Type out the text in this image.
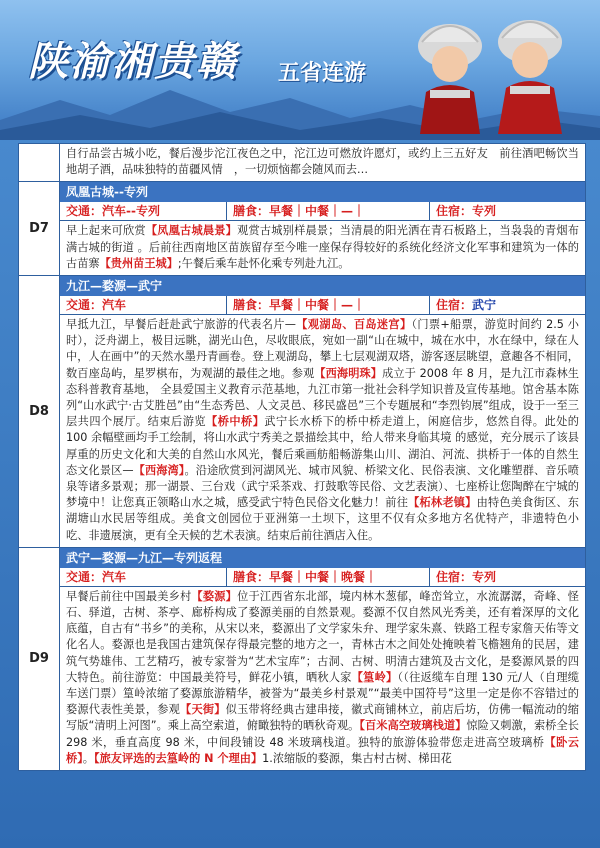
陕渝湘贵赣 五省连游
自行品尝古城小吃，餐后漫步沱江夜色之中，沱江边可燃放许愿灯，或约上三五好友　前往酒吧畅饮当地胡子酒，品味独特的苗疆风情　，一切烦恼都会随风而去…
D7
凤凰古城--专列
交通：汽车--专列	膳食：早餐｜中餐｜—｜	住宿：专列
早上起来可欣赏【凤凰古城晨景】观赏古城别样晨景；当清晨的阳光洒在青石板路上，当袅袅的青烟布满古城的街道 。后前往西南地区苗族留存至今唯一座保存得较好的系统化经济文化军事和建筑为一体的古苗寨【贵州苗王城】;午餐后乘车赴怀化乘专列赴九江。
D8
九江—婺源—武宁
交通：汽车	膳食：早餐｜中餐｜—｜	住宿：武宁
早抵九江，早餐后赶赴武宁旅游的代表名片—【观湖岛、百岛迷宫】（门票+船票，游览时间约 2.5 小时），泛舟湖上，极目远眺，湖光山色，尽收眼底，宛如一副“山在城中，城在水中，水在绿中，绿在人中，人在画中”的天然水墨丹青画卷。登上观湖岛，攀上七层观湖双塔，游客逐层眺望，意趣各不相同，数百座岛屿，星罗棋布，为观湖的最佳之地。参观【西海明珠】成立于 2008 年 8 月，是九江市森林生态科普教育基地， 全县爱国主义教育示范基地，九江市第一批社会科学知识普及宣传基地。馆舍基本陈列“山水武宁·古艾胜邑”由“生态秀邑、人文灵邑、移民盛邑”三个专题展和“李烈钧展”组成，设于一至三层共四个展厅。结束后游览【桥中桥】武宁长水桥下的桥中桥走道上，闲庭信步，悠然自得。此处的 100 余幅壁画均手工绘制，将山水武宁秀美之景描绘其中，给人带来身临其境 的感觉，充分展示了该县厚重的历史文化和大美的自然山水风光，餐后乘画舫船畅游集山川、湖泊、河流、拱桥于一体的自然生态文化景区—【西海湾】。沿途欣赏到河湖风光、城市风貌、桥梁文化、民俗表演、文化雕塑群、音乐喷泉等诸多景观；那一湖景、三台戏（武宁采茶戏、打鼓歌等民俗、文艺表演）、七座桥让您陶醉在宁城的梦境中！让您真正领略山水之城，感受武宁特色民俗文化魅力！前往【柘林老镇】由特色美食街区、东湖塘山水民居等组成。美食文创园位于亚洲第一土坝下，这里不仅有众多地方名优特产，非遗特色小吃、非遗展演，更有全天候的艺术表演。结束后前往酒店入住。
D9
武宁—婺源—九江—专列返程
交通：汽车	膳食：早餐｜中餐｜晚餐｜	住宿：专列
早餐后前往中国最美乡村【婺源】位于江西省东北部，境内林木葱郁，峰峦耸立，水流潺潺，奇峰、怪石、驿道，古树、茶亭、廊桥构成了婺源美丽的自然景观。婺源不仅自然风光秀美，还有着深厚的文化底蕴，自古有“书乡”的美称，从宋以来，婺源出了文学家朱弁、理学家朱熹、铁路工程专家詹天佑等文化名人。婺源也是我国古建筑保存得最完整的地方之一，青林古木之间处处掩映着飞檐翘角的民居，建筑气势雄伟、工艺精巧，被专家誉为“艺术宝库”；古洞、古树、明清古建筑及古文化，是婺源风景的四大特色。前往游览：中国最美符号，鲜花小镇，晒秋人家【篁岭】（（往返缆车自理 130 元/人（自理缆车送门票）篁岭浓缩了婺源旅游精华，被誉为“最美乡村景观”“最美中国符号”这里一定是你不容错过的婺源代表性美景，参观【天街】似玉带将经典古建串接，徽式商铺林立，前店后坊，仿佛一幅流动的缩写版“清明上河图”。乘上高空索道，俯瞰独特的晒秋奇观。【百米高空玻璃栈道】惊险又刺激，索桥全长 298 米，垂直高度 98 米，中间段铺设 48 米玻璃栈道。独特的旅游体验带您走进高空玻璃桥【卧云桥】。【旅友评选的去篁岭的 N 个理由】1.浓缩版的婺源，集古村古树、梯田花
